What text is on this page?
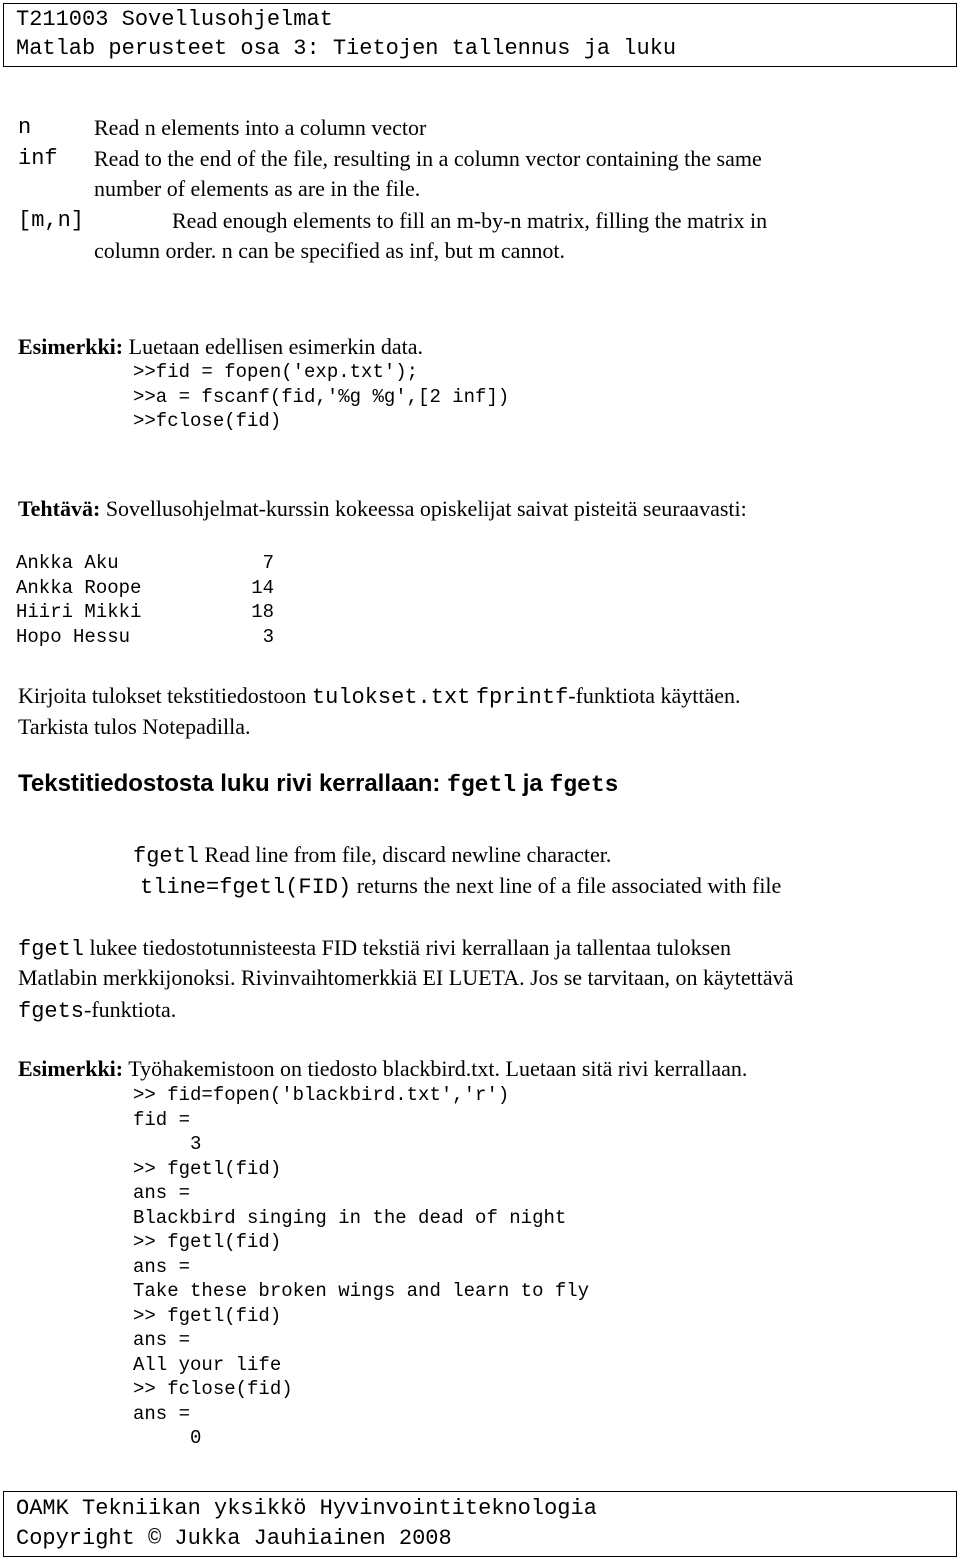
T211003 Sovellusohjelmat
Matlab perusteet osa 3: Tietojen tallennus ja luku
n	Read n elements into a column vector
inf Read to the end of the file, resulting in a column vector containing the same
number of elements as are in the file.
[m,n]	Read enough elements to fill an m-by-n matrix, filling the matrix in
column order. n can be specified as inf, but m cannot.
Esimerkki: Luetaan edellisen esimerkin data.
>>fid = fopen('exp.txt');
>>a = fscanf(fid,'%g %g',[2 inf])
>>fclose(fid)
Tehtävä: Sovellusohjelmat-kurssin kokeessa opiskelijat saivat pisteitä seuraavasti:
Ankka Aku	7
Ankka Roope	14
Hiiri Mikki	18
Hopo Hessu	3
Kirjoita tulokset tekstitiedostoon tulokset.txt fprintf-funktiota käyttäen.
Tarkista tulos Notepadilla.
Tekstitiedostosta luku rivi kerrallaan: fgetl ja fgets
fgetl Read line from file, discard newline character.
tline=fgetl(FID) returns the next line of a file associated with file
fgetl lukee tiedostotunnisteesta FID tekstiä rivi kerrallaan ja tallentaa tuloksen
Matlabin merkkijonoksi. Rivinvaihtomerkkiä EI LUETA. Jos se tarvitaan, on käytettävä
fgets-funktiota.
Esimerkki: Työhakemistoon on tiedosto blackbird.txt. Luetaan sitä rivi kerrallaan.
>> fid=fopen('blackbird.txt','r')
fid =
3
>> fgetl(fid)
ans =
Blackbird singing in the dead of night
>> fgetl(fid)
ans =
Take these broken wings and learn to fly
>> fgetl(fid)
ans =
All your life
>> fclose(fid)
ans =
0
OAMK Tekniikan yksikkö Hyvinvointiteknologia
Copyright © Jukka Jauhiainen 2008
